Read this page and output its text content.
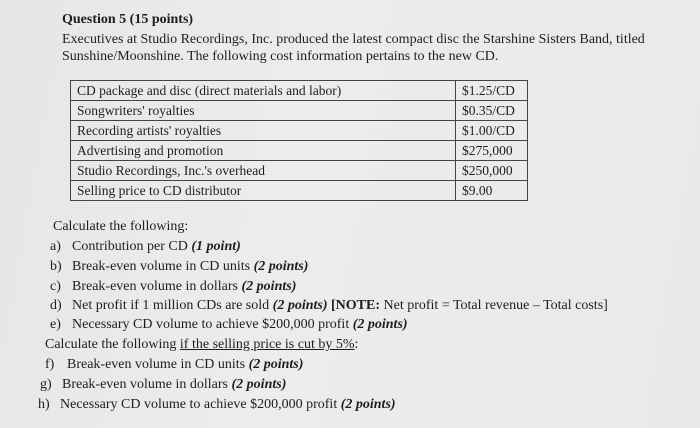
Question 5 (15 points)
Executives at Studio Recordings, Inc. produced the latest compact disc the Starshine Sisters Band, titled Sunshine/Moonshine. The following cost information pertains to the new CD.
CD package and disc (direct materials and labor)	$1.25/CD
Songwriters' royalties	$0.35/CD
Recording artists' royalties	$1.00/CD
Advertising and promotion	$275,000
Studio Recordings, Inc.'s overhead	$250,000
Selling price to CD distributor	$9.00
Calculate the following:
a) Contribution per CD (1 point)
b) Break-even volume in CD units (2 points)
c) Break-even volume in dollars (2 points)
d) Net profit if 1 million CDs are sold (2 points) [NOTE: Net profit = Total revenue – Total costs]
e) Necessary CD volume to achieve $200,000 profit (2 points)
Calculate the following if the selling price is cut by 5%:
f) Break-even volume in CD units (2 points)
g) Break-even volume in dollars (2 points)
h) Necessary CD volume to achieve $200,000 profit (2 points)
